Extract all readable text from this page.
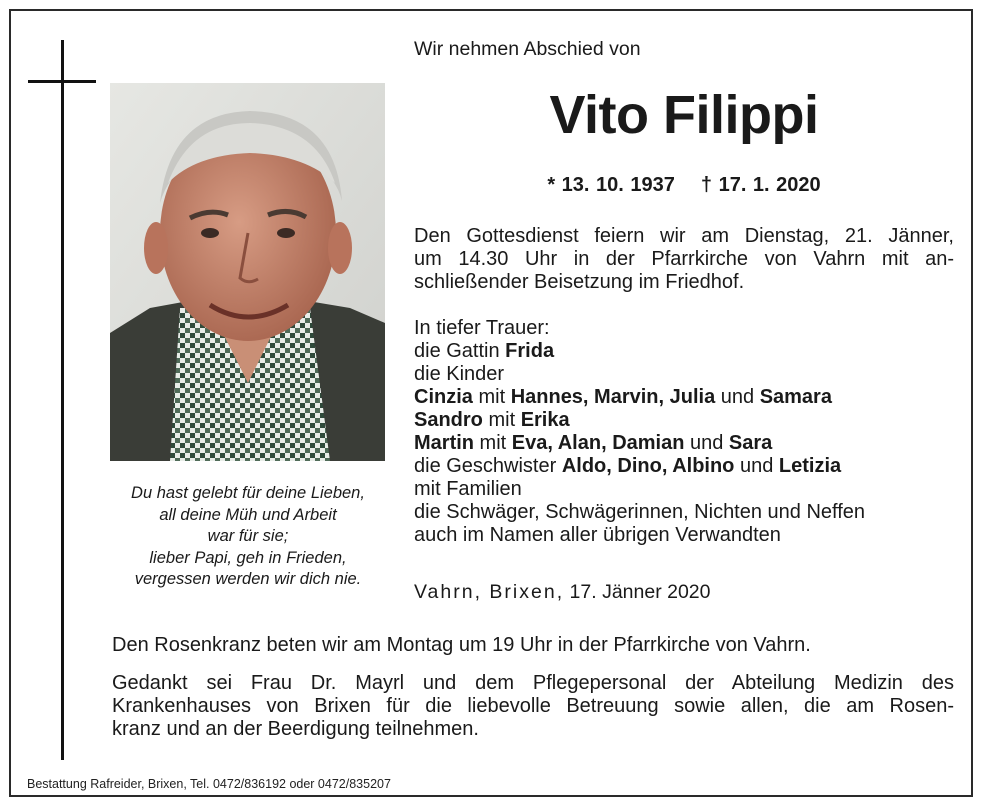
Du hast gelebt für deine Lieben,
all deine Müh und Arbeit
war für sie;
lieber Papi, geh in Frieden,
vergessen werden wir dich nie.
Wir nehmen Abschied von
Vito Filippi
* 13. 10. 1937 † 17. 1. 2020
Den Gottesdienst feiern wir am Dienstag, 21. Jänner,
um 14.30 Uhr in der Pfarrkirche von Vahrn mit an-
schließender Beisetzung im Friedhof.
In tiefer Trauer:
die Gattin Frida
die Kinder
Cinzia mit Hannes, Marvin, Julia und Samara
Sandro mit Erika
Martin mit Eva, Alan, Damian und Sara
die Geschwister Aldo, Dino, Albino und Letizia
mit Familien
die Schwäger, Schwägerinnen, Nichten und Neffen
auch im Namen aller übrigen Verwandten
Vahrn, Brixen, 17. Jänner 2020
Den Rosenkranz beten wir am Montag um 19 Uhr in der Pfarrkirche von Vahrn.
Gedankt sei Frau Dr. Mayrl und dem Pflegepersonal der Abteilung Medizin des
Krankenhauses von Brixen für die liebevolle Betreuung sowie allen, die am Rosen-
kranz und an der Beerdigung teilnehmen.
Bestattung Rafreider, Brixen, Tel. 0472/836192 oder 0472/835207
